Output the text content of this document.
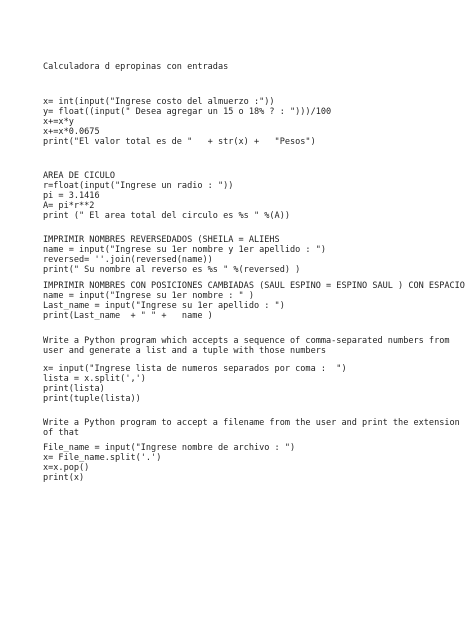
Calculadora d epropinas con entradas
x= int(input("Ingrese costo del almuerzo :"))
y= float((input(" Desea agregar un 15 o 18% ? : ")))/100
x+=x*y
x+=x*0.0675
print("El valor total es de "   + str(x) +   "Pesos")
AREA DE CICULO
r=float(input("Ingrese un radio : "))
pi = 3.1416
A= pi*r**2
print (" El area total del circulo es %s " %(A))
IMPRIMIR NOMBRES REVERSEDADOS (SHEILA = ALIEHS
name = input("Ingrese su 1er nombre y 1er apellido : ")
reversed= ''.join(reversed(name))
print(" Su nombre al reverso es %s " %(reversed) )
IMPRIMIR NOMBRES CON POSICIONES CAMBIADAS (SAUL ESPINO = ESPINO SAUL ) CON ESPACIO
name = input("Ingrese su 1er nombre : " )
Last_name = input("Ingrese su 1er apellido : ")
print(Last_name  + " " +   name )
Write a Python program which accepts a sequence of comma-separated numbers from
user and generate a list and a tuple with those numbers
x= input("Ingrese lista de numeros separados por coma :  ")
lista = x.split(',')
print(lista)
print(tuple(lista))
Write a Python program to accept a filename from the user and print the extension
of that
File_name = input("Ingrese nombre de archivo : ")
x= File_name.split('.')
x=x.pop()
print(x)
